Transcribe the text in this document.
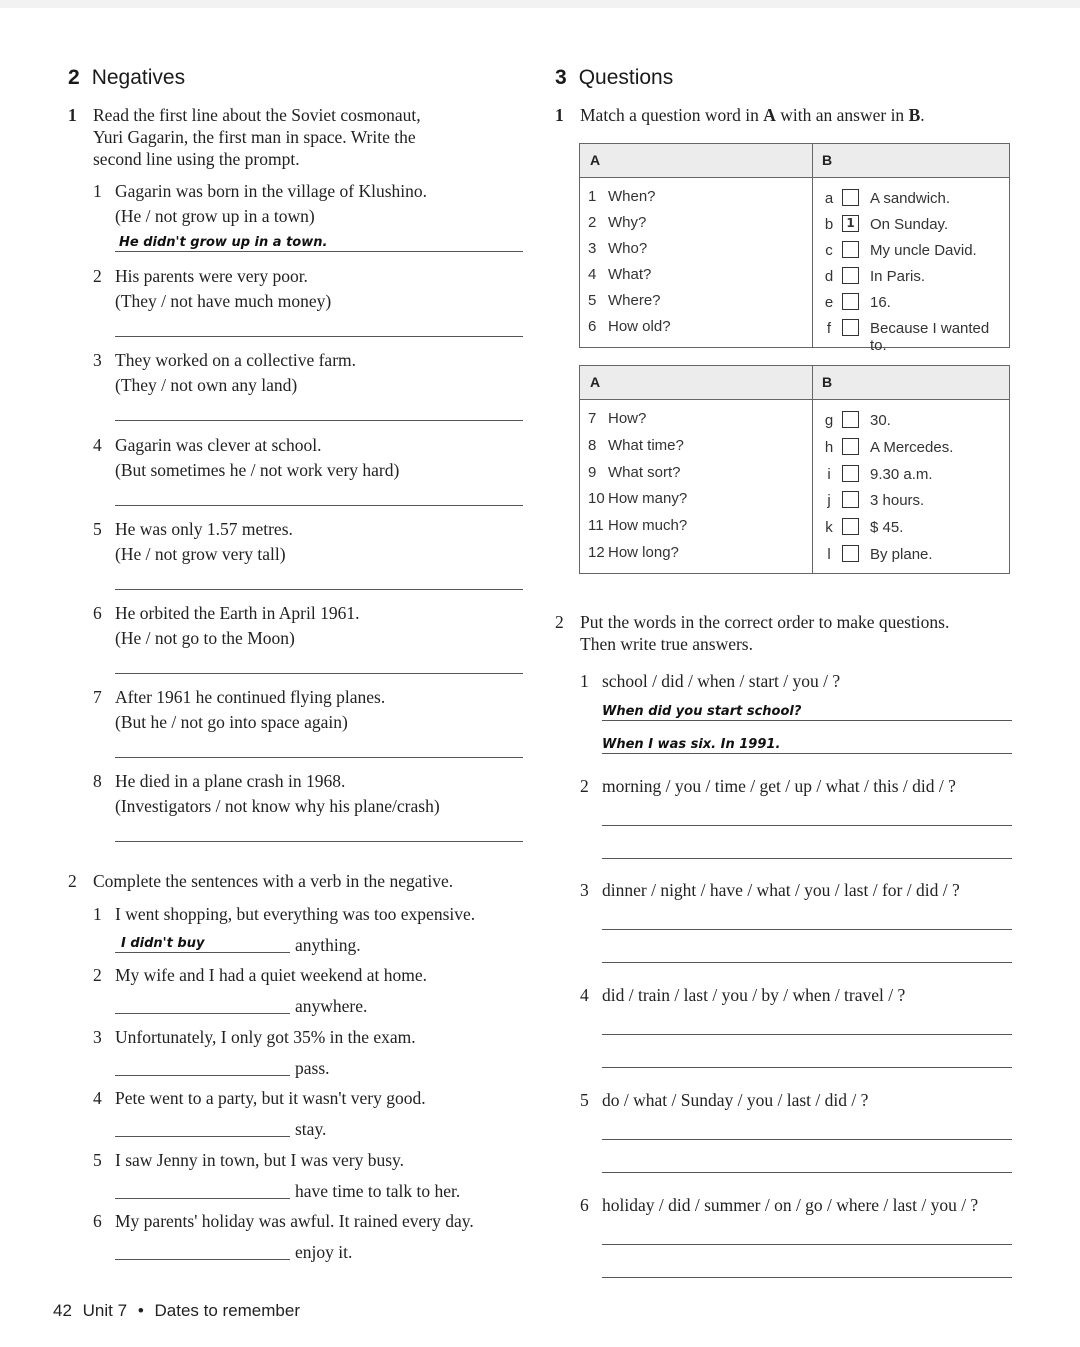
2 Negatives
1 Read the first line about the Soviet cosmonaut,
Yuri Gagarin, the first man in space. Write the
second line using the prompt.
1 Gagarin was born in the village of Klushino.
(He / not grow up in a town)
He didn't grow up in a town.
2 His parents were very poor.
(They / not have much money)
3 They worked on a collective farm.
(They / not own any land)
4 Gagarin was clever at school.
(But sometimes he / not work very hard)
5 He was only 1.57 metres.
(He / not grow very tall)
6 He orbited the Earth in April 1961.
(He / not go to the Moon)
7 After 1961 he continued flying planes.
(But he / not go into space again)
8 He died in a plane crash in 1968.
(Investigators / not know why his plane/crash)
2 Complete the sentences with a verb in the negative.
1 I went shopping, but everything was too expensive.
I didn't buy	anything.
2 My wife and I had a quiet weekend at home.
anywhere.
3 Unfortunately, I only got 35% in the exam.
pass.
4 Pete went to a party, but it wasn't very good.
stay.
5 I saw Jenny in town, but I was very busy.
have time to talk to her.
6 My parents' holiday was awful. It rained every day.
enjoy it.
3 Questions
1 Match a question word in A with an answer in B.
A	B
1 When?	a A sandwich.
2 Why?	b	1 On Sunday.
3 Who?	c My uncle David.
4 What?	d In Paris.
5 Where?	e 16.
6 How old?	f	Because I wanted to.
A	B
7 How?	g 30.
8 What time?	h A Mercedes.
9 What sort?	i	9.30 a.m.
10 How many?	j	3 hours.
11 How much?	k $ 45.
12 How long?	l	By plane.
2 Put the words in the correct order to make questions.
Then write true answers.
1 school / did / when / start / you / ?
When did you start school?
When I was six. In 1991.
2 morning / you / time / get / up / what / this / did / ?
3 dinner / night / have / what / you / last / for / did / ?
4 did / train / last / you / by / when / travel / ?
5 do / what / Sunday / you / last / did / ?
6 holiday / did / summer / on / go / where / last / you / ?
42 Unit 7 • Dates to remember
